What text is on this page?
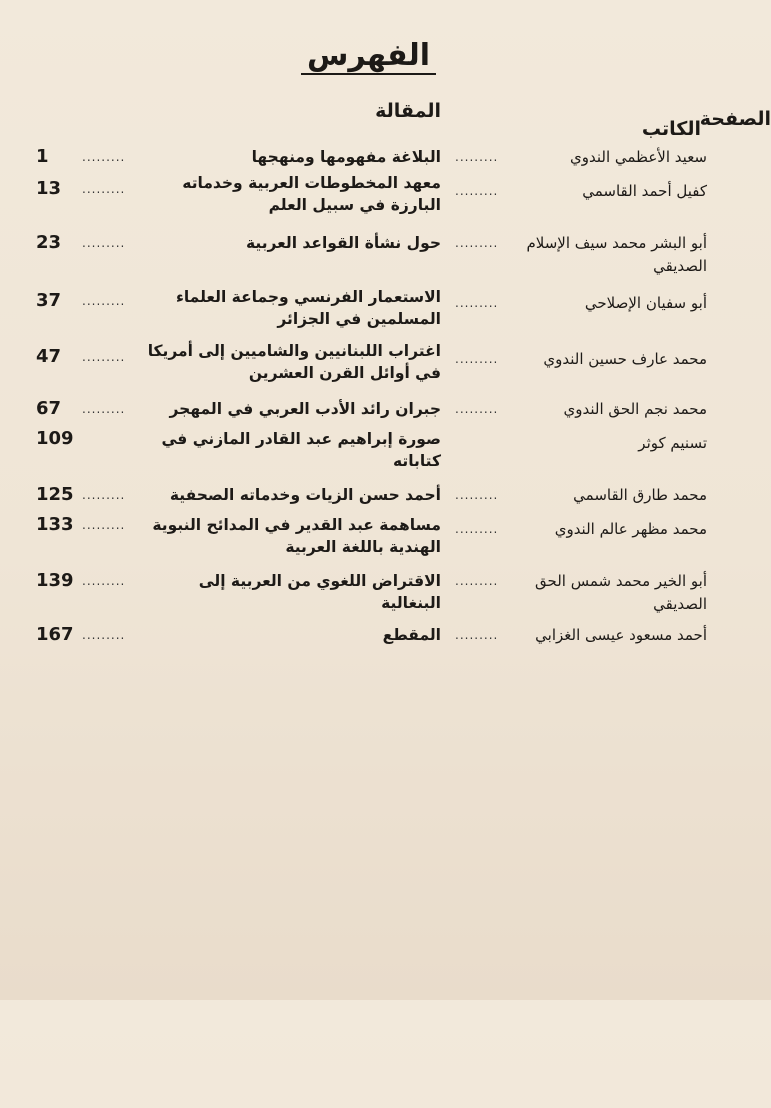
الفهرس
الكاتب
المقالة	الصفحة
سعيد الأعظمي الندوي
.........
البلاغة مفهومها ومنهجها
.........
1
كفيل أحمد القاسمي
.........
معهد المخطوطات العربية وخدماته البارزة في سبيل العلم
.........
13
أبو البشر محمد سيف الإسلام الصديقي
.........
حول نشأة القواعد العربية
.........
23
أبو سفيان الإصلاحي
.........
الاستعمار الفرنسي وجماعة العلماء المسلمين في الجزائر
.........
37
محمد عارف حسين الندوي
.........
اغتراب اللبنانيين والشاميين إلى أمريكا في أوائل القرن العشرين
.........
47
محمد نجم الحق الندوي
.........
جبران رائد الأدب العربي في المهجر
.........
67
تسنيم كوثر
صورة إبراهيم عبد القادر المازني في كتاباته
109
محمد طارق القاسمي
.........
أحمد حسن الزيات وخدماته الصحفية
.........
125
محمد مظهر عالم الندوي
.........
مساهمة عبد القدير في المدائح النبوية الهندية باللغة العربية
.........
133
أبو الخير محمد شمس الحق الصديقي
.........
الاقتراض اللغوي من العربية إلى البنغالية
.........
139
أحمد مسعود عيسى الغزابي
.........
المقطع
.........
167
